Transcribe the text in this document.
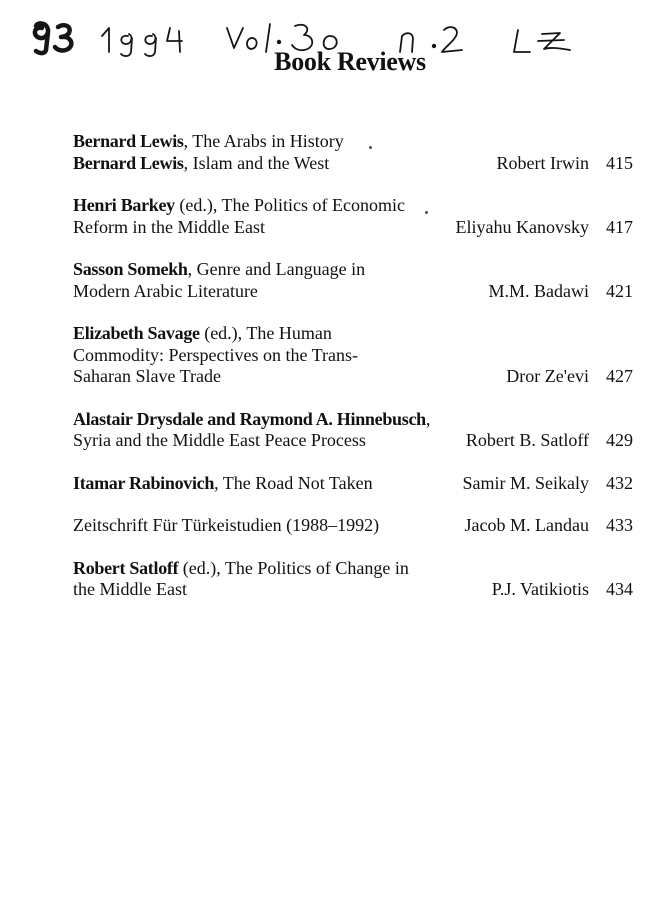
Book Reviews
Bernard Lewis, The Arabs in History
Bernard Lewis, Islam and the West	Robert Irwin 415
Henri Barkey (ed.), The Politics of Economic
Reform in the Middle East	Eliyahu Kanovsky 417
Sasson Somekh, Genre and Language in
Modern Arabic Literature	M.M. Badawi 421
Elizabeth Savage (ed.), The Human
Commodity: Perspectives on the Trans-
Saharan Slave Trade	Dror Ze'evi 427
Alastair Drysdale and Raymond A. Hinnebusch,
Syria and the Middle East Peace Process	Robert B. Satloff 429
Itamar Rabinovich, The Road Not Taken	Samir M. Seikaly 432
Zeitschrift Für Türkeistudien (1988–1992)	Jacob M. Landau 433
Robert Satloff (ed.), The Politics of Change in
the Middle East	P.J. Vatikiotis 434
